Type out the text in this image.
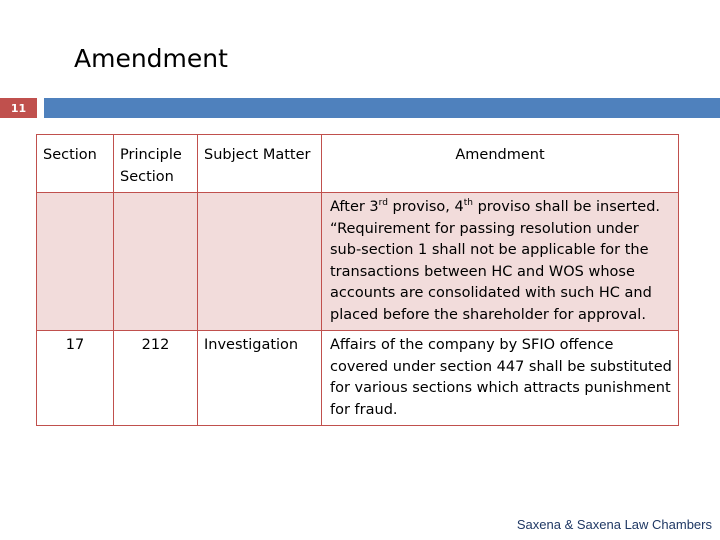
Amendment
11
Section	Principle Section	Subject Matter	Amendment
			After 3rd proviso, 4th proviso shall be inserted. “Requirement for passing resolution under sub-section 1 shall not be applicable for the transactions between HC and WOS whose accounts are consolidated with such HC and placed before the shareholder for approval.
17	212	Investigation	Affairs of the company by SFIO offence covered under section 447 shall be substituted for various sections which attracts punishment for fraud.
Saxena & Saxena Law Chambers
